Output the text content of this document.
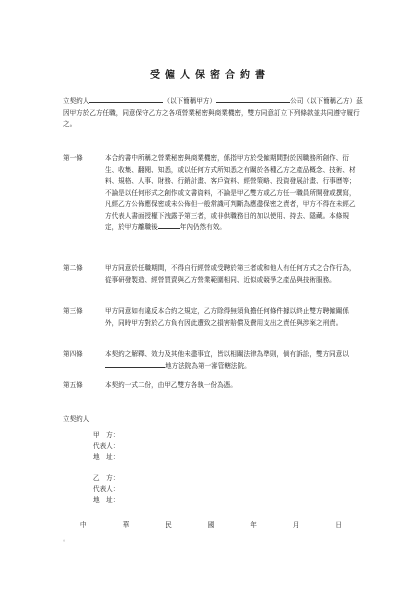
受僱人保密合約書
立契約人	（以下簡稱甲方）	公司（以下簡稱乙方）茲因甲方於乙方任職，同意保守乙方之各項營業秘密與商業機密，雙方同意訂立下列條款並共同遵守履行之。
第一條	本合約書中所稱之營業秘密與商業機密，係指甲方於受僱期間對於因職務所創作、衍生、收集、翻閱、知悉，或以任何方式所知悉之有關於各種乙方之產品概念、技術、材料、規格、人事、財務、行銷計畫、客戶資料、經營策略、投資發展計畫、行事曆等；不論是以任何形式之創作或文書資料，不論是甲乙雙方或乙方任一職員所開發或撰寫，凡經乙方公佈應保密或未公佈但一般常識可判斷為應盡保密之責者，甲方不得在未經乙方代表人書面授權下洩露予第三者，或非供職務目的加以使用、持去、隱藏。本條規定，於甲方離職後	年內仍然有效。
第二條	甲方同意於任職期間，不得自行經營或受聘於第三者或和他人有任何方式之合作行為，從事研發製造、經營買賣與乙方營業範圍相同、近似或競爭之產品與技術服務。
第三條	甲方同意如有違反本合約之規定，乙方除得無須負擔任何條件據以終止雙方聘僱關係外，同時甲方對於乙方負有因此遭致之損害賠償及費用支出之責任與涉案之刑責。
第四條	本契約之解釋、效力及其他未盡事宜，皆以相關法律為準則，倘有訴訟，雙方同意以地方法院為第一審管轄法院。
第五條	本契約一式二份，由甲乙雙方各執一份為憑。
立契約人
甲　方：
代表人：
地　址：
乙　方：
代表人：
地　址：
中	華	民	國	年	月	日
。
